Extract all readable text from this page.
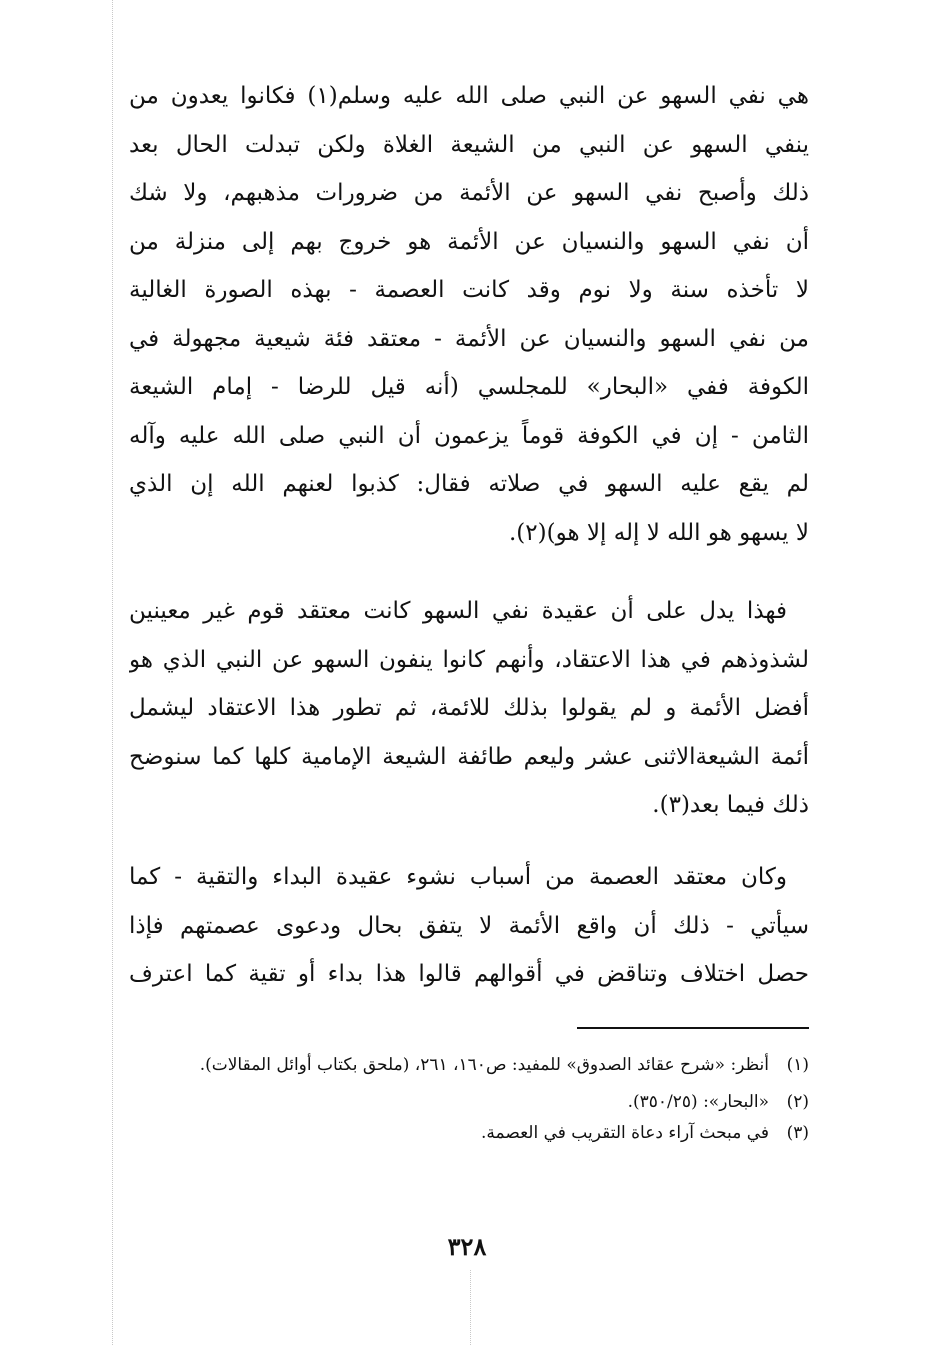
هي نفي السهو عن النبي صلى الله عليه وسلم(١) فكانوا يعدون من
ينفي السهو عن النبي من الشيعة الغلاة ولكن تبدلت الحال بعد
ذلك وأصبح نفي السهو عن الأئمة من ضرورات مذهبهم، ولا شك
أن نفي السهو والنسيان عن الأئمة هو خروج بهم إلى منزلة من
لا تأخذه سنة ولا نوم وقد كانت العصمة - بهذه الصورة الغالية
من نفي السهو والنسيان عن الأئمة - معتقد فئة شيعية مجهولة في
الكوفة ففي «البحار» للمجلسي (أنه قيل للرضا - إمام الشيعة
الثامن - إن في الكوفة قوماً يزعمون أن النبي صلى الله عليه وآله
لم يقع عليه السهو في صلاته فقال: كذبوا لعنهم الله إن الذي
لا يسهو هو الله لا إله إلا هو)(٢).
فهذا يدل على أن عقيدة نفي السهو كانت معتقد قوم غير معينين
لشذوذهم في هذا الاعتقاد، وأنهم كانوا ينفون السهو عن النبي الذي هو
أفضل الأئمة و لم يقولوا بذلك للائمة، ثم تطور هذا الاعتقاد ليشمل
أئمة الشيعةالاثنى عشر وليعم طائفة الشيعة الإمامية كلها كما سنوضح
ذلك فيما بعد(٣).
وكان معتقد العصمة من أسباب نشوء عقيدة البداء والتقية - كما
سيأتي - ذلك أن واقع الأئمة لا يتفق بحال ودعوى عصمتهم فإذا
حصل اختلاف وتناقض في أقوالهم قالوا هذا بداء أو تقية كما اعترف
(١)
أنظر: «شرح عقائد الصدوق» للمفيد: ص١٦٠، ٢٦١، (ملحق بكتاب أوائل المقالات).
(٢)
«البحار»: (٣٥٠/٢٥).
(٣)
في مبحث آراء دعاة التقريب في العصمة.
٣٢٨
